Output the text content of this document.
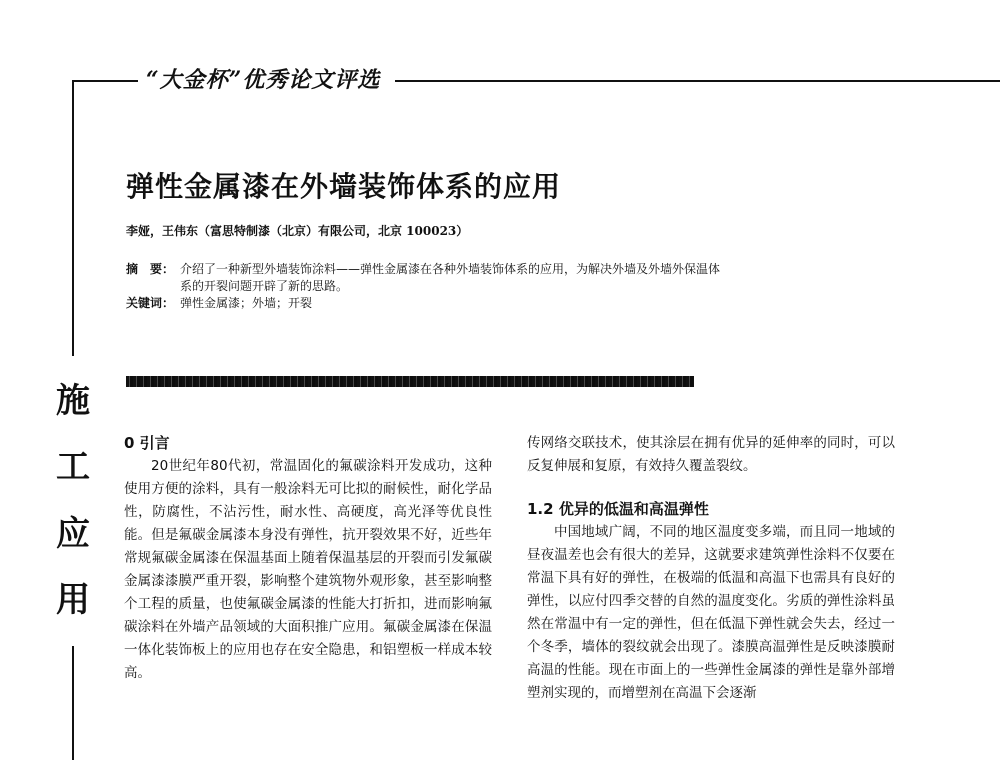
“大金杯”优秀论文评选
施
工
应
用
弹性金属漆在外墙装饰体系的应用

李娅，王伟东（富思特制漆（北京）有限公司，北京 100023）

摘　要： 介绍了一种新型外墙装饰涂料——弹性金属漆在各种外墙装饰体系的应用，为解决外墙及外墙外保温体
系的开裂问题开辟了新的思路。
关键词： 弹性金属漆；外墙；开裂
0 引言

20世纪年80代初，常温固化的氟碳涂料开发成功，这种使用方便的涂料，具有一般涂料无可比拟的耐候性，耐化学品性，防腐性，不沾污性，耐水性、高硬度，高光泽等优良性能。但是氟碳金属漆本身没有弹性，抗开裂效果不好，近些年常规氟碳金属漆在保温基面上随着保温基层的开裂而引发氟碳金属漆漆膜严重开裂，影响整个建筑物外观形象，甚至影响整个工程的质量，也使氟碳金属漆的性能大打折扣，进而影响氟碳涂料在外墙产品领域的大面积推广应用。氟碳金属漆在保温一体化装饰板上的应用也存在安全隐患，和铝塑板一样成本较高。

传网络交联技术，使其涂层在拥有优异的延伸率的同时，可以反复伸展和复原，有效持久覆盖裂纹。

1.2 优异的低温和高温弹性

中国地域广阔，不同的地区温度变多端，而且同一地域的昼夜温差也会有很大的差异，这就要求建筑弹性涂料不仅要在常温下具有好的弹性，在极端的低温和高温下也需具有良好的弹性，以应付四季交替的自然的温度变化。劣质的弹性涂料虽然在常温中有一定的弹性，但在低温下弹性就会失去，经过一个冬季，墙体的裂纹就会出现了。漆膜高温弹性是反映漆膜耐高温的性能。现在市面上的一些弹性金属漆的弹性是靠外部增塑剂实现的，而增塑剂在高温下会逐渐
